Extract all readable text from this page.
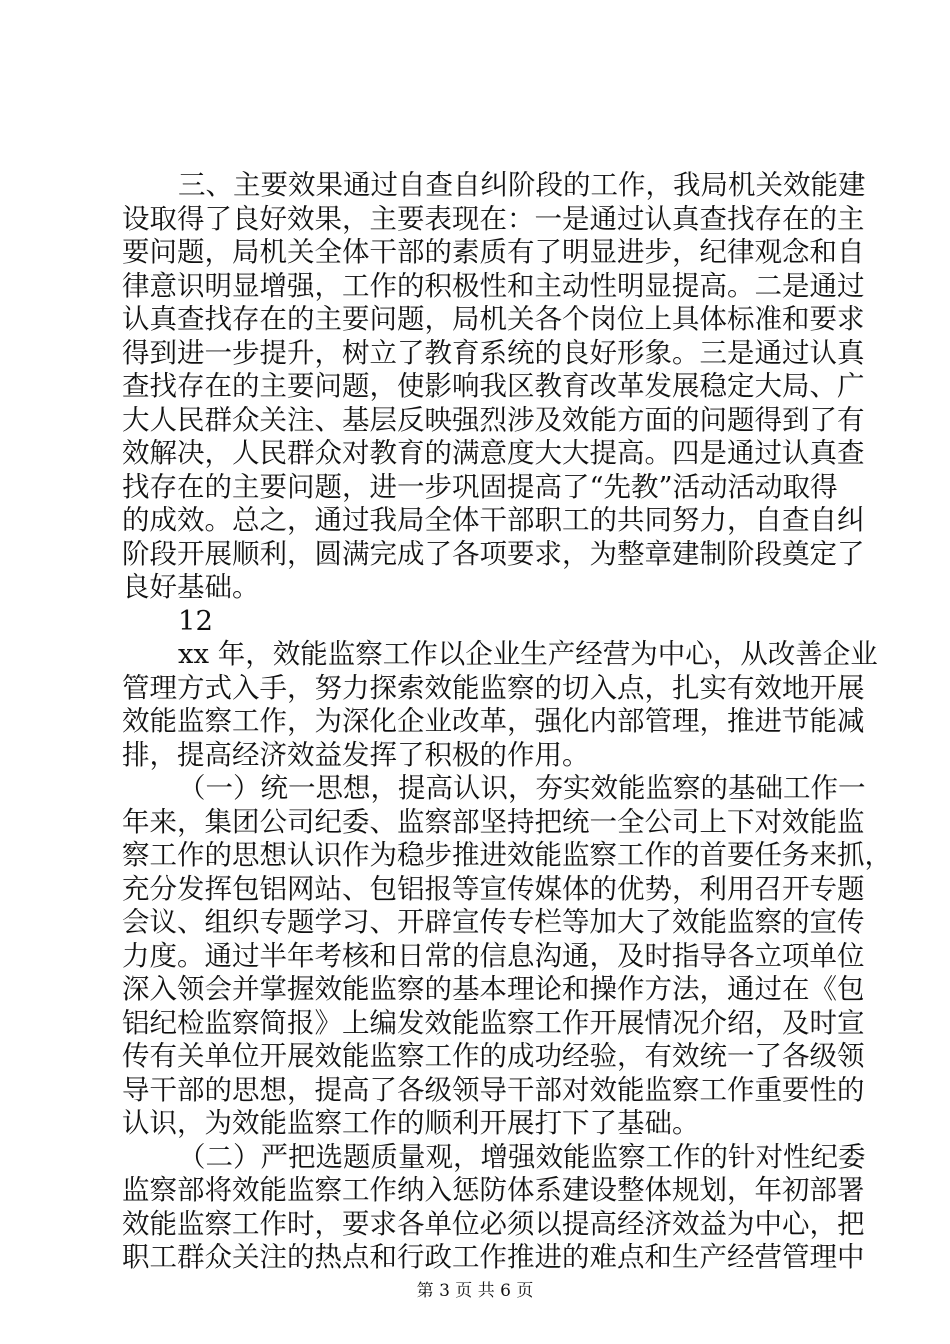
三、主要效果通过自查自纠阶段的工作，我局机关效能建
设取得了良好效果，主要表现在：一是通过认真查找存在的主
要问题，局机关全体干部的素质有了明显进步，纪律观念和自
律意识明显增强，工作的积极性和主动性明显提高。二是通过
认真查找存在的主要问题，局机关各个岗位上具体标准和要求
得到进一步提升，树立了教育系统的良好形象。三是通过认真
查找存在的主要问题，使影响我区教育改革发展稳定大局、广
大人民群众关注、基层反映强烈涉及效能方面的问题得到了有
效解决，人民群众对教育的满意度大大提高。四是通过认真查
找存在的主要问题，进一步巩固提高了“先教”活动活动取得
的成效。总之，通过我局全体干部职工的共同努力，自查自纠
阶段开展顺利，圆满完成了各项要求，为整章建制阶段奠定了
良好基础。
12
xx 年，效能监察工作以企业生产经营为中心，从改善企业
管理方式入手，努力探索效能监察的切入点，扎实有效地开展
效能监察工作，为深化企业改革，强化内部管理，推进节能减
排，提高经济效益发挥了积极的作用。
（一）统一思想，提高认识，夯实效能监察的基础工作一
年来，集团公司纪委、监察部坚持把统一全公司上下对效能监
察工作的思想认识作为稳步推进效能监察工作的首要任务来抓，
充分发挥包铝网站、包铝报等宣传媒体的优势，利用召开专题
会议、组织专题学习、开辟宣传专栏等加大了效能监察的宣传
力度。通过半年考核和日常的信息沟通，及时指导各立项单位
深入领会并掌握效能监察的基本理论和操作方法，通过在《包
铝纪检监察简报》上编发效能监察工作开展情况介绍，及时宣
传有关单位开展效能监察工作的成功经验，有效统一了各级领
导干部的思想，提高了各级领导干部对效能监察工作重要性的
认识，为效能监察工作的顺利开展打下了基础。
（二）严把选题质量观，增强效能监察工作的针对性纪委
监察部将效能监察工作纳入惩防体系建设整体规划，年初部署
效能监察工作时，要求各单位必须以提高经济效益为中心，把
职工群众关注的热点和行政工作推进的难点和生产经营管理中
第 3 页 共 6 页
